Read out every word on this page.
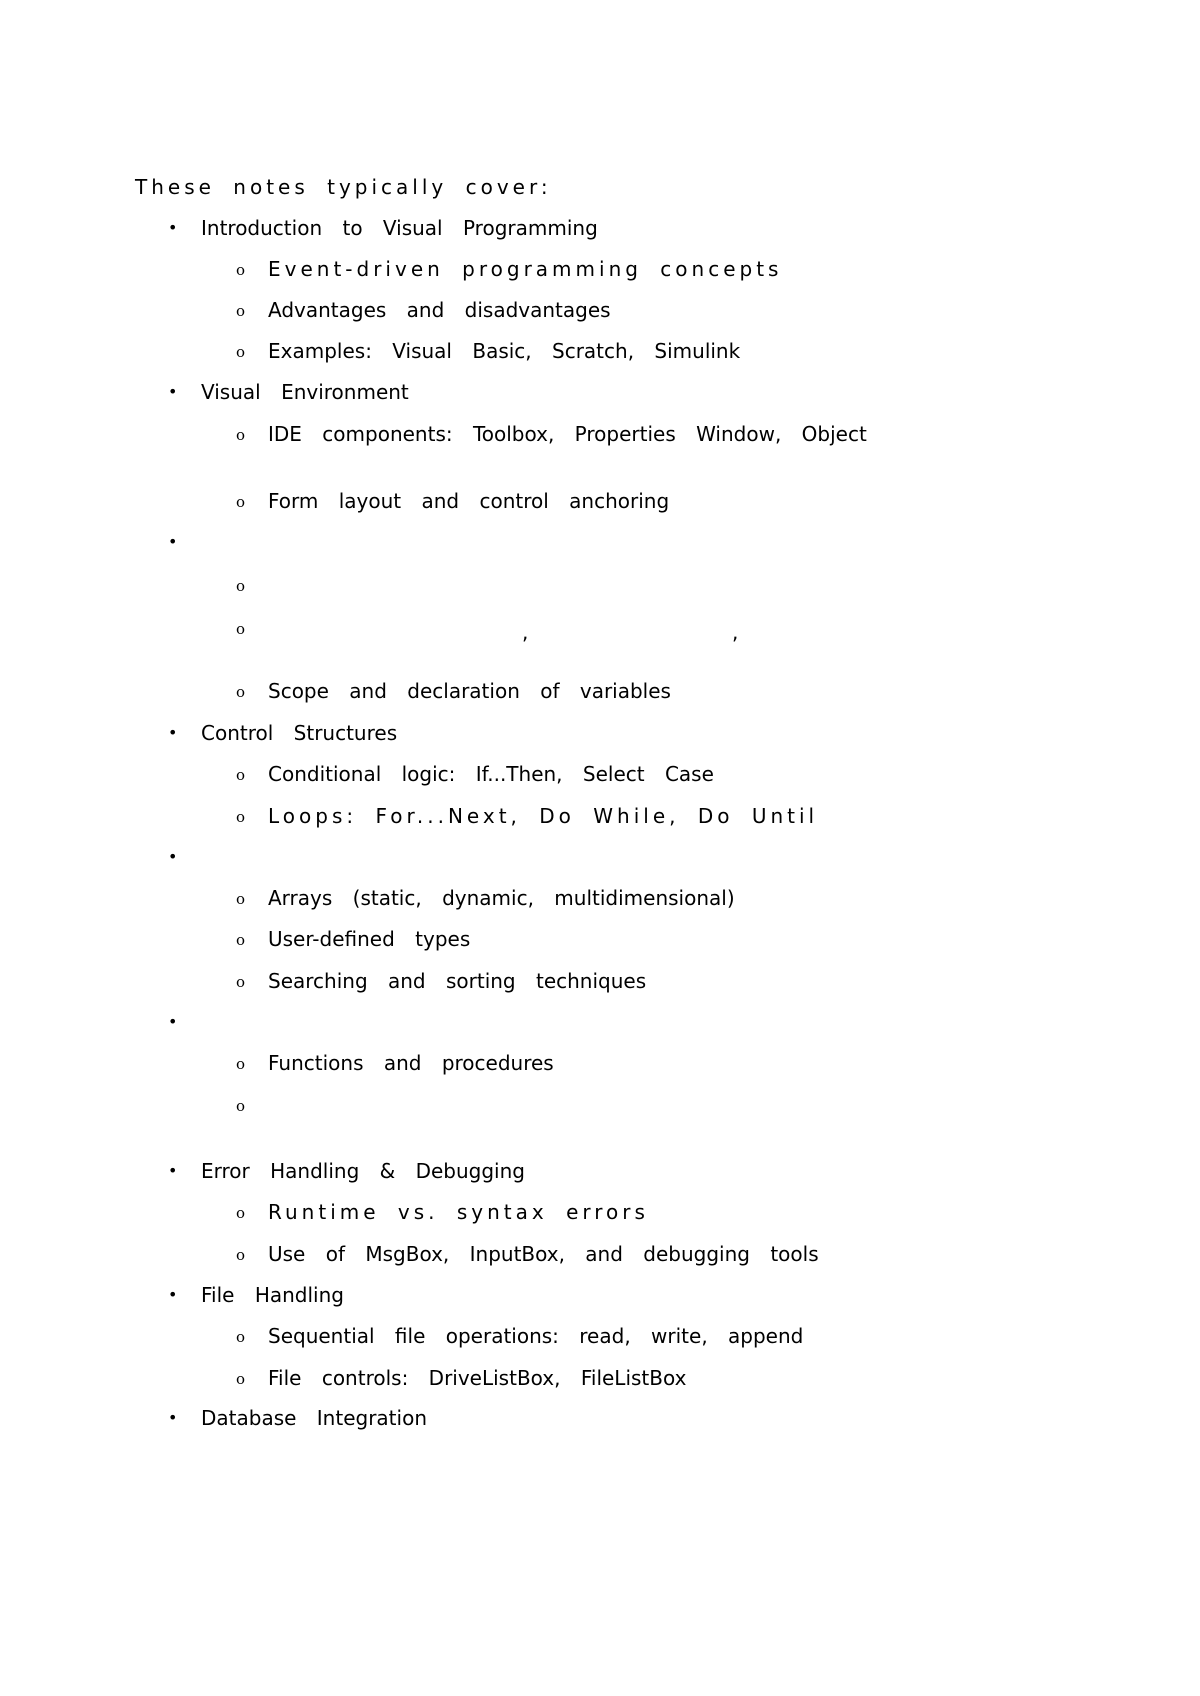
These notes typically cover:
• Introduction to Visual Programming
o Event-driven programming concepts
o Advantages and disadvantages
o Examples: Visual Basic, Scratch, Simulink
• Visual Environment
o IDE components: Toolbox, Properties Window, Object
o Form layout and control anchoring
•
o
o	,	,
o Scope and declaration of variables
• Control Structures
o Conditional logic: If...Then, Select Case
o Loops: For...Next, Do While, Do Until
•
o Arrays (static, dynamic, multidimensional)
o User-defined types
o Searching and sorting techniques
•
o Functions and procedures
o
• Error Handling & Debugging
o Runtime vs. syntax errors
o Use of MsgBox, InputBox, and debugging tools
• File Handling
o Sequential file operations: read, write, append
o File controls: DriveListBox, FileListBox
• Database Integration
